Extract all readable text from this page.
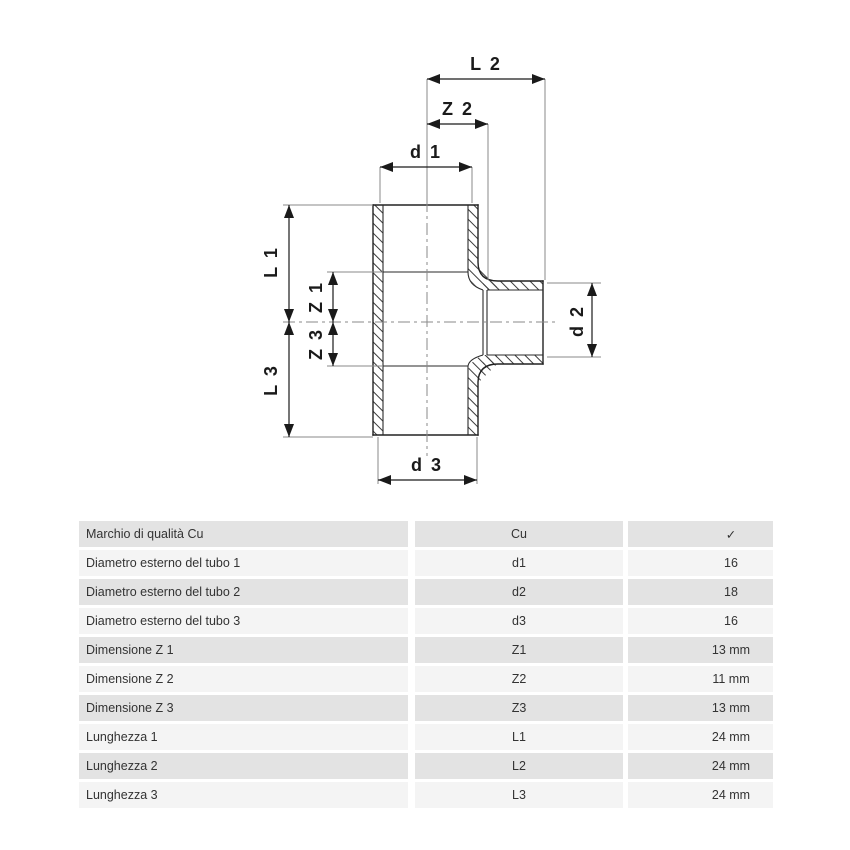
L 2
Z 2
d 1
L 1
Z 1
Z 3
L 3
d 2
d 3
Marchio di qualità Cu	Cu	✓
Diametro esterno del tubo 1	d1	16
Diametro esterno del tubo 2	d2	18
Diametro esterno del tubo 3	d3	16
Dimensione Z 1	Z1	13 mm
Dimensione Z 2	Z2	11 mm
Dimensione Z 3	Z3	13 mm
Lunghezza 1	L1	24 mm
Lunghezza 2	L2	24 mm
Lunghezza 3	L3	24 mm
